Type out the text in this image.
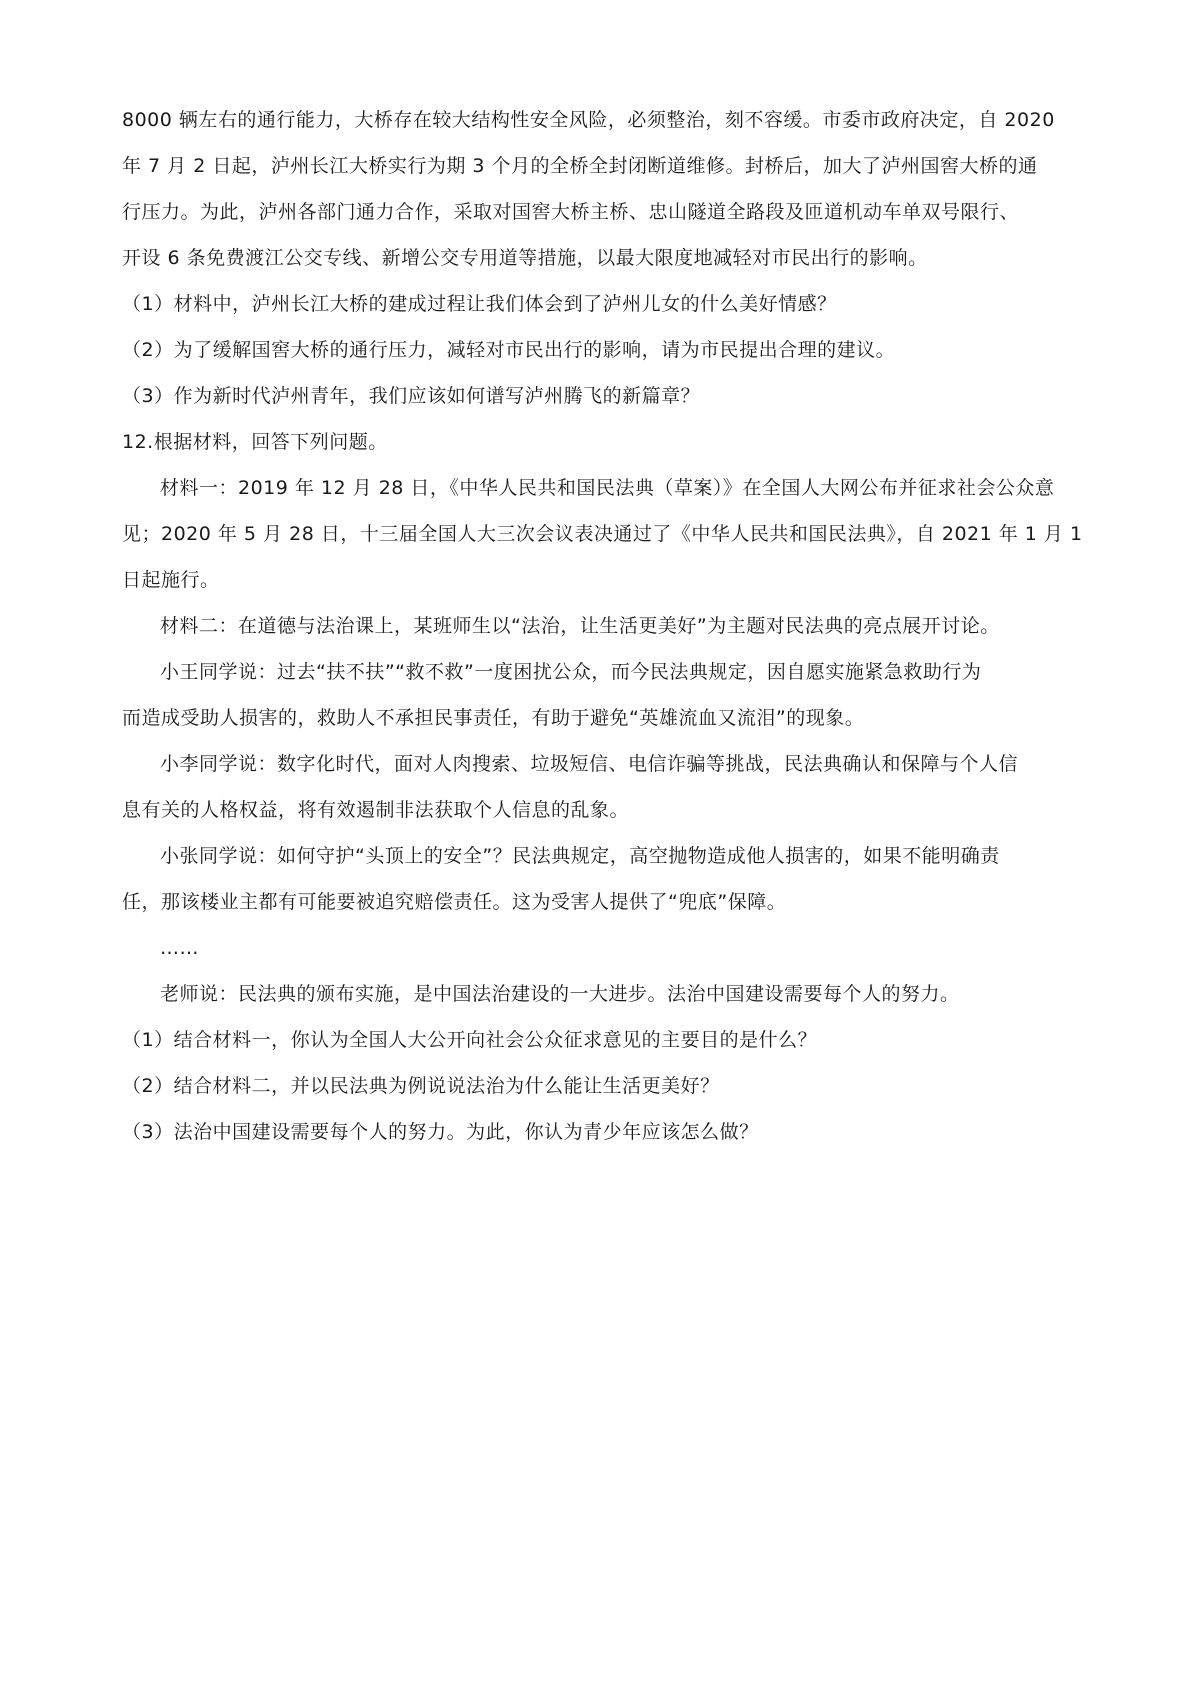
8000 辆左右的通行能力，大桥存在较大结构性安全风险，必须整治，刻不容缓。市委市政府决定，自 2020
年 7 月 2 日起，泸州长江大桥实行为期 3 个月的全桥全封闭断道维修。封桥后，加大了泸州国窖大桥的通
行压力。为此，泸州各部门通力合作，采取对国窖大桥主桥、忠山隧道全路段及匝道机动车单双号限行、
开设 6 条免费渡江公交专线、新增公交专用道等措施，以最大限度地减轻对市民出行的影响。
（1）材料中，泸州长江大桥的建成过程让我们体会到了泸州儿女的什么美好情感？
（2）为了缓解国窖大桥的通行压力，减轻对市民出行的影响，请为市民提出合理的建议。
（3）作为新时代泸州青年，我们应该如何谱写泸州腾飞的新篇章？
12.根据材料，回答下列问题。
材料一：2019 年 12 月 28 日，《中华人民共和国民法典（草案）》在全国人大网公布并征求社会公众意
见；2020 年 5 月 28 日，十三届全国人大三次会议表决通过了《中华人民共和国民法典》，自 2021 年 1 月 1
日起施行。
材料二：在道德与法治课上，某班师生以“法治，让生活更美好”为主题对民法典的亮点展开讨论。
小王同学说：过去“扶不扶”“救不救”一度困扰公众，而今民法典规定，因自愿实施紧急救助行为
而造成受助人损害的，救助人不承担民事责任，有助于避免“英雄流血又流泪”的现象。
小李同学说：数字化时代，面对人肉搜索、垃圾短信、电信诈骗等挑战，民法典确认和保障与个人信
息有关的人格权益，将有效遏制非法获取个人信息的乱象。
小张同学说：如何守护“头顶上的安全”？民法典规定，高空抛物造成他人损害的，如果不能明确责
任，那该楼业主都有可能要被追究赔偿责任。这为受害人提供了“兜底”保障。
……
老师说：民法典的颁布实施，是中国法治建设的一大进步。法治中国建设需要每个人的努力。
（1）结合材料一，你认为全国人大公开向社会公众征求意见的主要目的是什么？
（2）结合材料二，并以民法典为例说说法治为什么能让生活更美好？
（3）法治中国建设需要每个人的努力。为此，你认为青少年应该怎么做？
